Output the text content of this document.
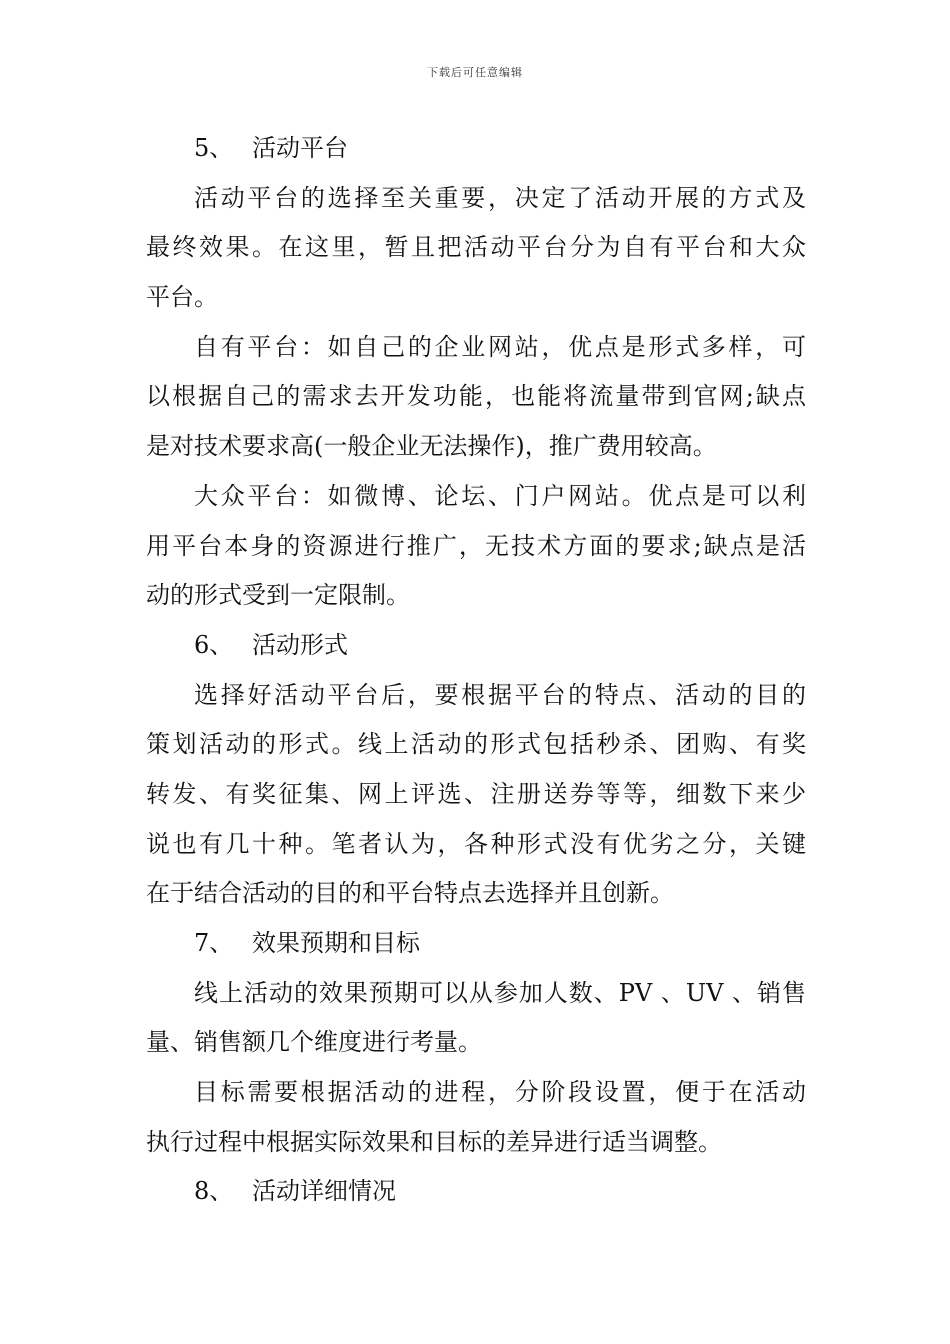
下载后可任意编辑
5、 活动平台
活动平台的选择至关重要，决定了活动开展的方式及
最终效果。在这里，暂且把活动平台分为自有平台和大众
平台。
自有平台：如自己的企业网站，优点是形式多样，可
以根据自己的需求去开发功能，也能将流量带到官网;缺点
是对技术要求高(一般企业无法操作)，推广费用较高。
大众平台：如微博、论坛、门户网站。优点是可以利
用平台本身的资源进行推广，无技术方面的要求;缺点是活
动的形式受到一定限制。
6、 活动形式
选择好活动平台后，要根据平台的特点、活动的目的
策划活动的形式。线上活动的形式包括秒杀、团购、有奖
转发、有奖征集、网上评选、注册送券等等，细数下来少
说也有几十种。笔者认为，各种形式没有优劣之分，关键
在于结合活动的目的和平台特点去选择并且创新。
7、 效果预期和目标
线上活动的效果预期可以从参加人数、PV 、UV 、销售
量、销售额几个维度进行考量。
目标需要根据活动的进程，分阶段设置，便于在活动
执行过程中根据实际效果和目标的差异进行适当调整。
8、 活动详细情况
